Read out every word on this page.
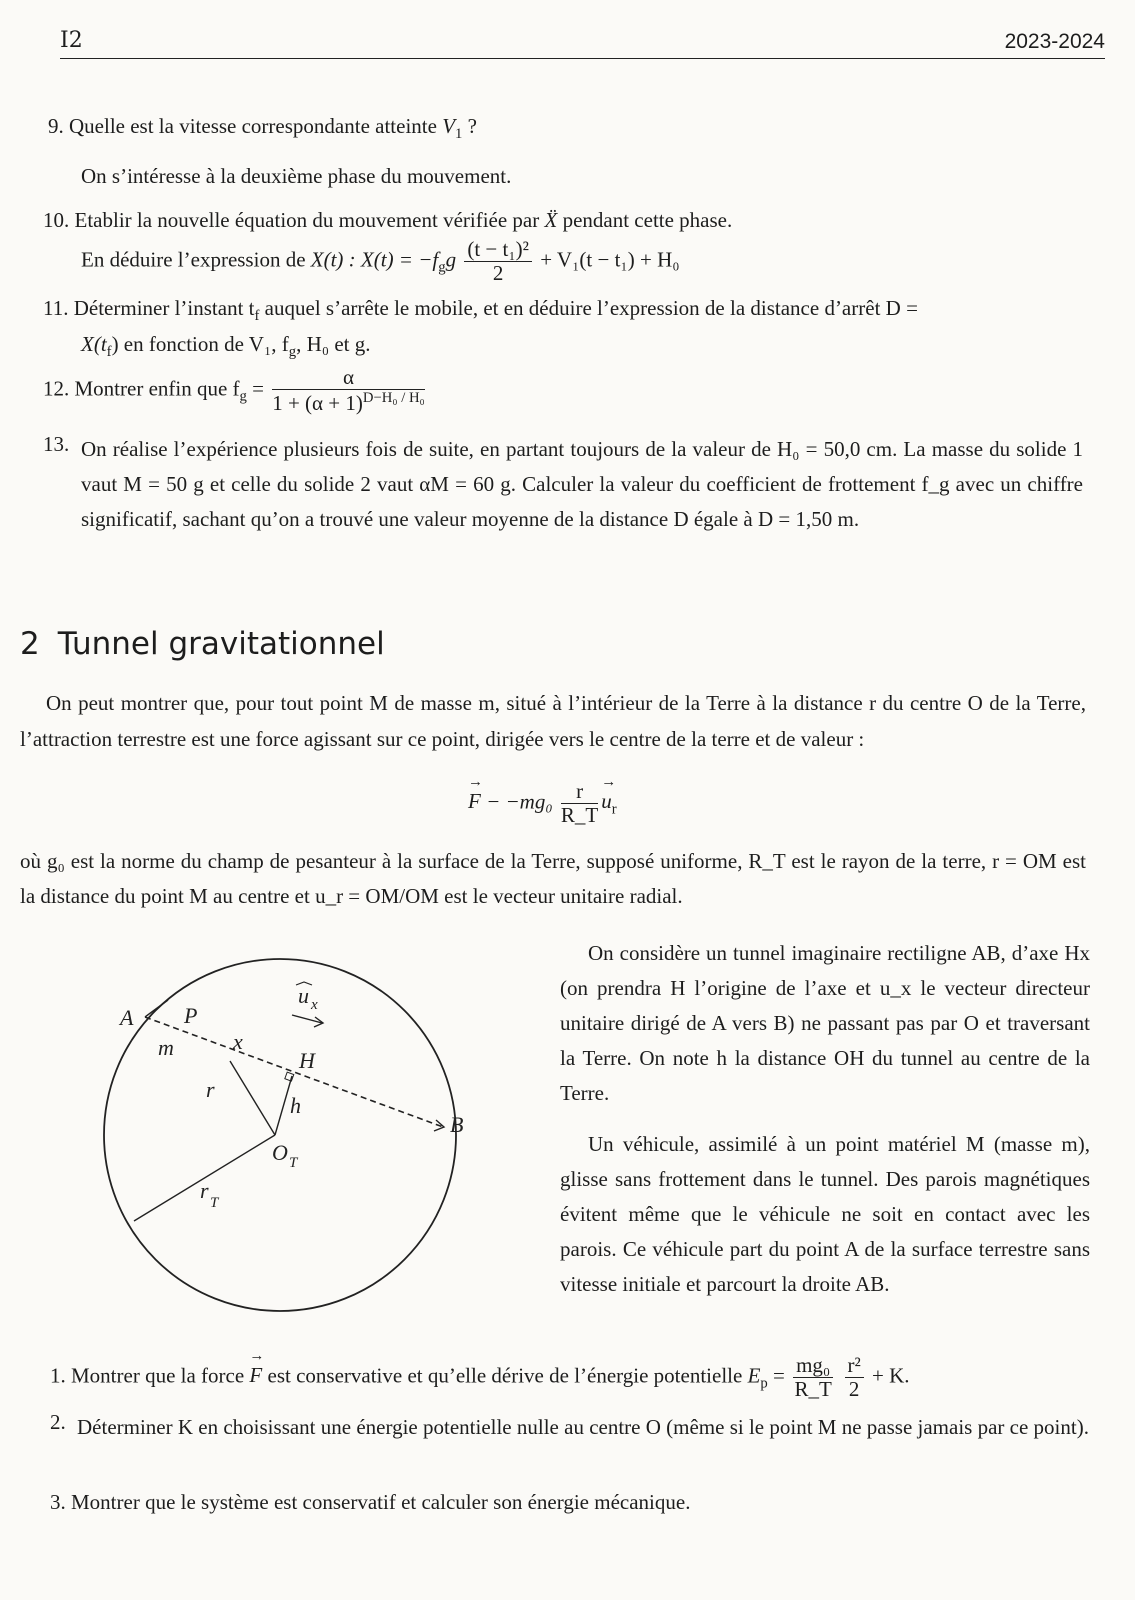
I2	2023-2024
9. Quelle est la vitesse correspondante atteinte $V_1$ ?
On s’intéresse à la deuxième phase du mouvement.
10. Etablir la nouvelle équation du mouvement vérifiée par Ẍ pendant cette phase.
En déduire l’expression de X(t) : $X(t) = -f_gg \frac{\text{(t − t₁)²}}{2} + V_1(t - t_1) + H_0$
11. Déterminer l’instant $t_f$ auquel s’arrête le mobile, et en déduire l’expression de la distance d’arrêt D =
$X(t_f)$ en fonction de V₁, $f_g$, H₀ et g.
12. Montrer enfin que $f_g = \frac{\alpha}{1 + (\alpha + 1)^{D-H_0 / H_0}}$
13. On réalise l’expérience plusieurs fois de suite, en partant toujours de la valeur de H₀ = 50,0 cm. La masse du solide 1 vaut M = 50 g et celle du solide 2 vaut αM = 60 g. Calculer la valeur du coefficient de frottement f_g avec un chiffre significatif, sachant qu’on a trouvé une valeur moyenne de la distance D égale à D = 1,50 m.
2 Tunnel gravitationnel
On peut montrer que, pour tout point M de masse m, situé à l’intérieur de la Terre à la distance r du centre O de la Terre, l’attraction terrestre est une force agissant sur ce point, dirigée vers le centre de la terre et de valeur :
→ $F - -mg_0 \frac{r}{R\_T}$
→ $u_r$
où g₀ est la norme du champ de pesanteur à la surface de la Terre, supposé uniforme, R_T est le rayon de la terre, r = OM est la distance du point M au centre et u_r = OM/OM est le vecteur unitaire radial.
A P
m	x
H
r
h
O T
B
r T
u x
On considère un tunnel imaginaire rectiligne AB, d’axe Hx (on prendra H l’origine de l’axe et u_x le vecteur directeur unitaire dirigé de A vers B) ne passant pas par O et traversant la Terre. On note h la distance OH du tunnel au centre de la Terre.
Un véhicule, assimilé à un point matériel M (masse m), glisse sans frottement dans le tunnel. Des parois magnétiques évitent même que le véhicule ne soit en contact avec les parois. Ce véhicule part du point A de la surface terrestre sans vitesse initiale et parcourt la droite AB.
1. Montrer que la force → F est conservative et qu’elle dérive de l’énergie potentielle $E_p = \frac{\text{mg₀}}{R\_T}$
$\frac{\text{r²}}{2} + K$.
2. Déterminer K en choisissant une énergie potentielle nulle au centre O (même si le point M ne passe jamais par ce point).
3. Montrer que le système est conservatif et calculer son énergie mécanique.
